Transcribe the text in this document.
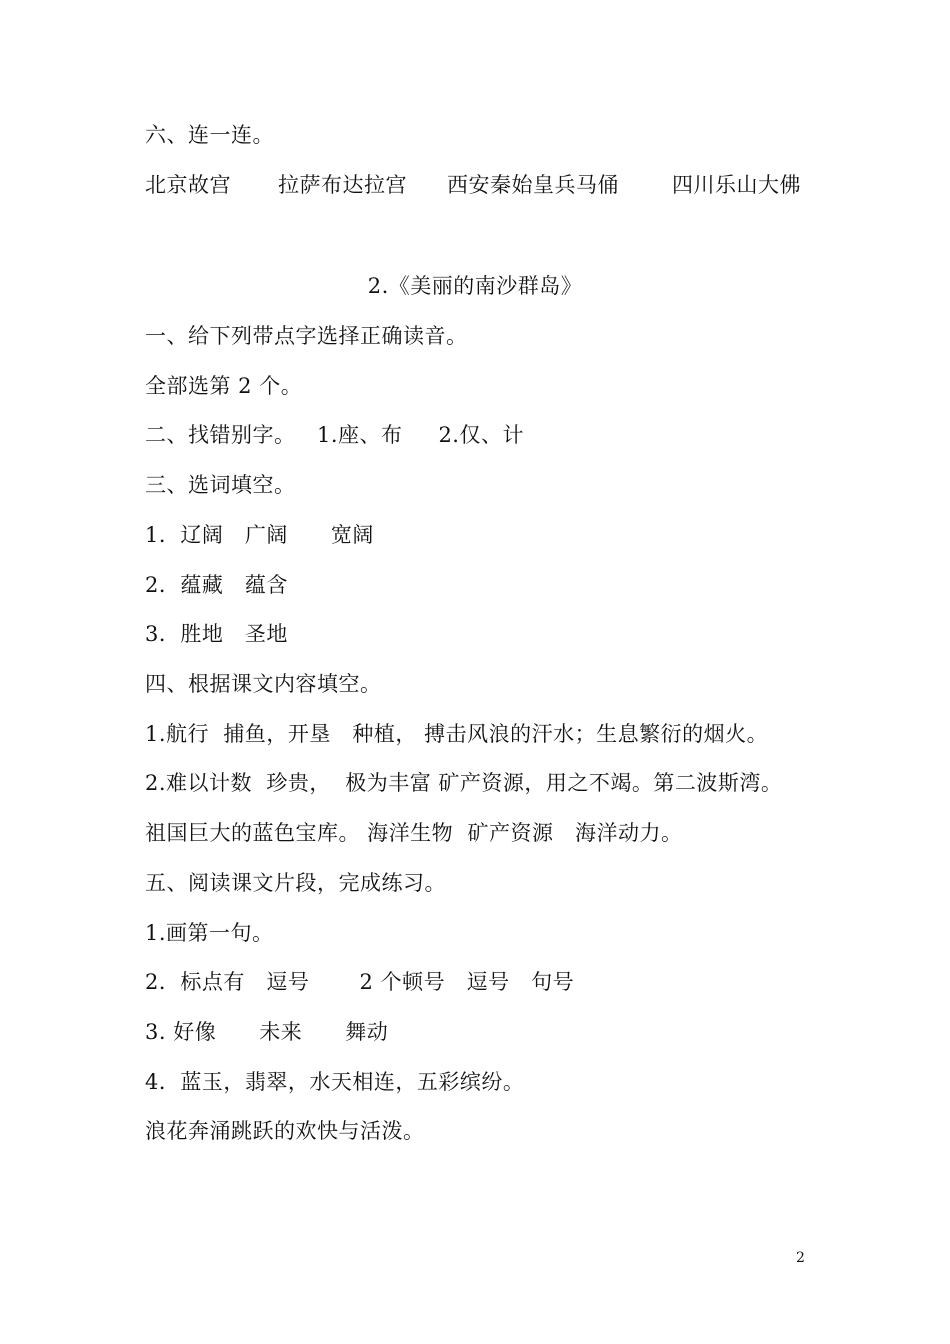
六、连一连。
北京故宫	拉萨布达拉宫	西安秦始皇兵马俑	四川乐山大佛
2.《美丽的南沙群岛》
一、给下列带点字选择正确读音。
全部选第 2 个。
二、找错别字。   1.座、布     2.仅、计
三、选词填空。
1．辽阔　广阔　　宽阔
2．蕴藏　蕴含
3．胜地　圣地
四、根据课文内容填空。
1.航行  捕鱼，开垦   种植， 搏击风浪的汗水；生息繁衍的烟火。
2.难以计数  珍贵，  极为丰富 矿产资源，用之不竭。第二波斯湾。
祖国巨大的蓝色宝库。 海洋生物  矿产资源   海洋动力。
五、阅读课文片段，完成练习。
1.画第一句。
2．标点有　逗号　　 2 个顿号　逗号　句号
3. 好像　　未来　　舞动
4．蓝玉，翡翠，水天相连，五彩缤纷。
浪花奔涌跳跃的欢快与活泼。
2
